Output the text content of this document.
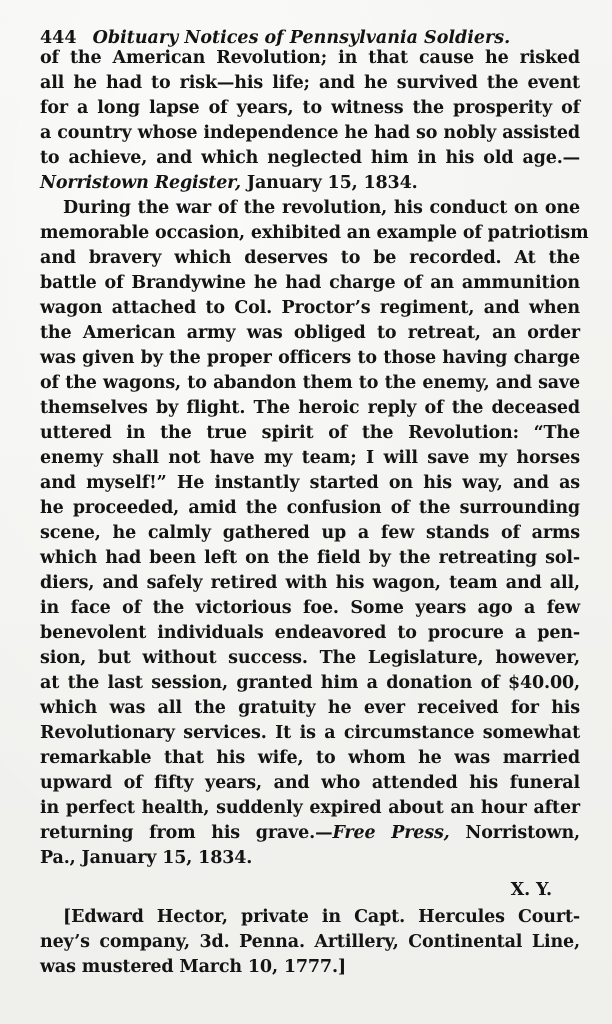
444 Obituary Notices of Pennsylvania Soldiers.
of the American Revolution; in that cause he risked
all he had to risk—his life; and he survived the event
for a long lapse of years, to witness the prosperity of
a country whose independence he had so nobly assisted
to achieve, and which neglected him in his old age.—
Norristown Register, January 15, 1834.
During the war of the revolution, his conduct on one
memorable occasion, exhibited an example of patriotism
and bravery which deserves to be recorded. At the
battle of Brandywine he had charge of an ammunition
wagon attached to Col. Proctor’s regiment, and when
the American army was obliged to retreat, an order
was given by the proper officers to those having charge
of the wagons, to abandon them to the enemy, and save
themselves by flight. The heroic reply of the deceased
uttered in the true spirit of the Revolution: “The
enemy shall not have my team; I will save my horses
and myself!” He instantly started on his way, and as
he proceeded, amid the confusion of the surrounding
scene, he calmly gathered up a few stands of arms
which had been left on the field by the retreating sol-
diers, and safely retired with his wagon, team and all,
in face of the victorious foe. Some years ago a few
benevolent individuals endeavored to procure a pen-
sion, but without success. The Legislature, however,
at the last session, granted him a donation of $40.00,
which was all the gratuity he ever received for his
Revolutionary services. It is a circumstance somewhat
remarkable that his wife, to whom he was married
upward of fifty years, and who attended his funeral
in perfect health, suddenly expired about an hour after
returning from his grave.—Free Press, Norristown,
Pa., January 15, 1834.
X. Y.
[Edward Hector, private in Capt. Hercules Court-
ney’s company, 3d. Penna. Artillery, Continental Line,
was mustered March 10, 1777.]
